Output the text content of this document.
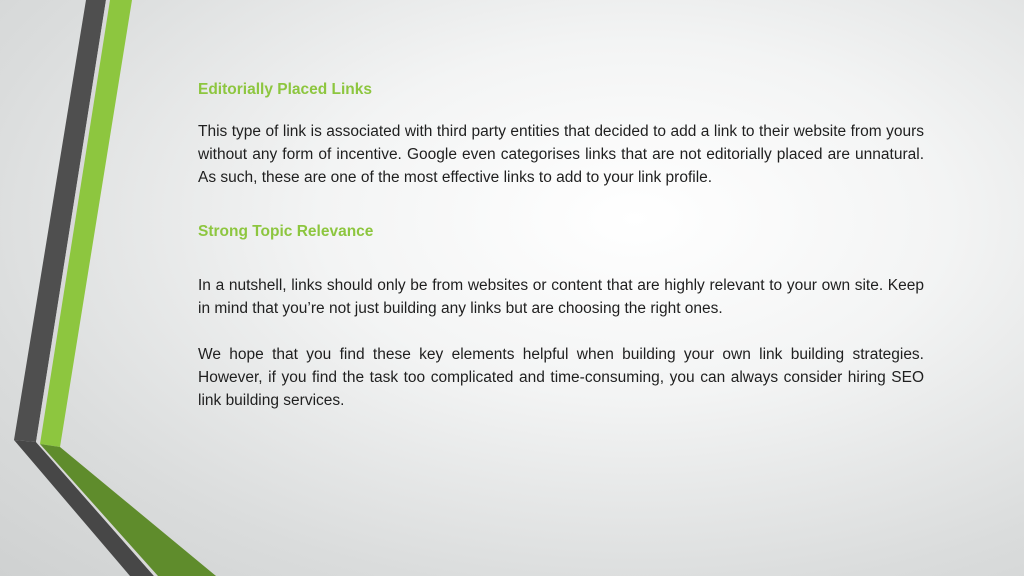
Editorially Placed Links

This type of link is associated with third party entities that decided to add a link to their website from yours without any form of incentive. Google even categorises links that are not editorially placed are unnatural. As such, these are one of the most effective links to add to your link profile.

Strong Topic Relevance

In a nutshell, links should only be from websites or content that are highly relevant to your own site. Keep in mind that you’re not just building any links but are choosing the right ones.

We hope that you find these key elements helpful when building your own link building strategies. However, if you find the task too complicated and time-consuming, you can always consider hiring SEO link building services.
